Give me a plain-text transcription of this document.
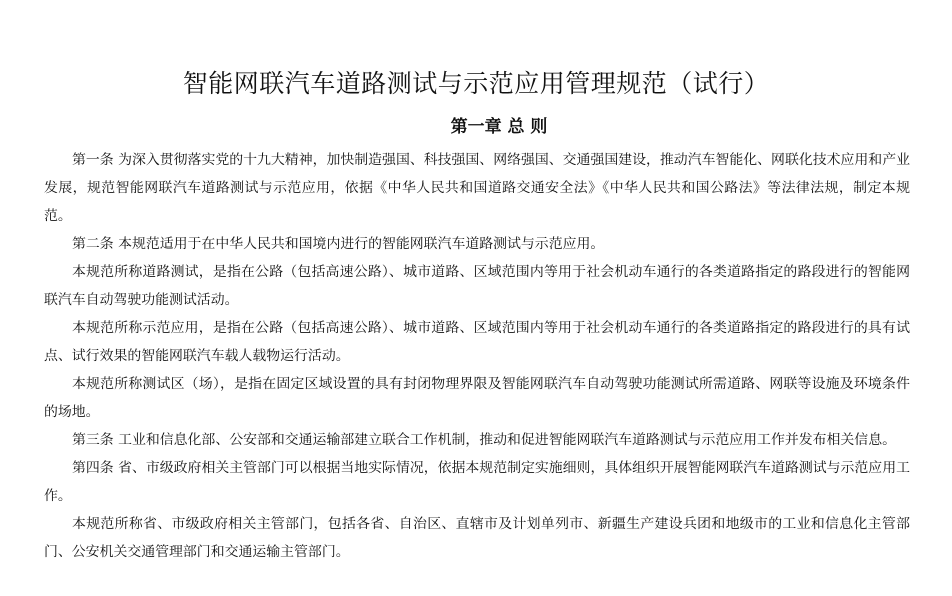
智能网联汽车道路测试与示范应用管理规范（试行）
第一章 总 则

第一条 为深入贯彻落实党的十九大精神，加快制造强国、科技强国、网络强国、交通强国建设，推动汽车智能化、网联化技术应用和产业发展，规范智能网联汽车道路测试与示范应用，依据《中华人民共和国道路交通安全法》《中华人民共和国公路法》等法律法规，制定本规范。

第二条 本规范适用于在中华人民共和国境内进行的智能网联汽车道路测试与示范应用。

本规范所称道路测试，是指在公路（包括高速公路）、城市道路、区域范围内等用于社会机动车通行的各类道路指定的路段进行的智能网联汽车自动驾驶功能测试活动。

本规范所称示范应用，是指在公路（包括高速公路）、城市道路、区域范围内等用于社会机动车通行的各类道路指定的路段进行的具有试点、试行效果的智能网联汽车载人载物运行活动。

本规范所称测试区（场），是指在固定区域设置的具有封闭物理界限及智能网联汽车自动驾驶功能测试所需道路、网联等设施及环境条件的场地。

第三条 工业和信息化部、公安部和交通运输部建立联合工作机制，推动和促进智能网联汽车道路测试与示范应用工作并发布相关信息。

第四条 省、市级政府相关主管部门可以根据当地实际情况，依据本规范制定实施细则，具体组织开展智能网联汽车道路测试与示范应用工作。

本规范所称省、市级政府相关主管部门，包括各省、自治区、直辖市及计划单列市、新疆生产建设兵团和地级市的工业和信息化主管部门、公安机关交通管理部门和交通运输主管部门。
